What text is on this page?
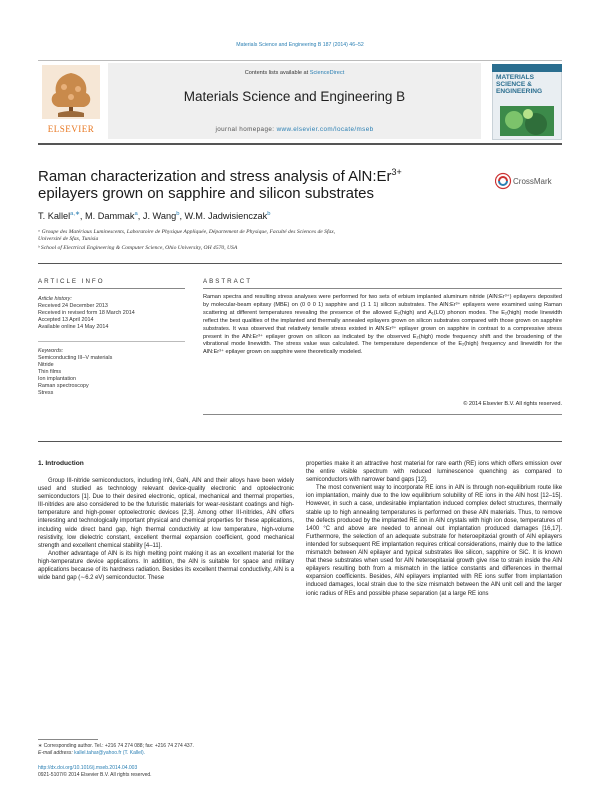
Materials Science and Engineering B 187 (2014) 46–52
ELSEVIER
Contents lists available at ScienceDirect
Materials Science and Engineering B
journal homepage: www.elsevier.com/locate/mseb
MATERIALS SCIENCE & ENGINEERING
Raman characterization and stress analysis of $AlN:Er^{3+}$ epilayers grown on sapphire and silicon substrates
CrossMark
T. Kallel$^{a,∗}$, M. Dammak$^a$, J. Wang$^b$, W.M. Jadwisienczak$^b$
ᵃ Groupe des Matériaux Luminescents, Laboratoire de Physique Appliquée, Département de Physique, Faculté des Sciences de Sfax,
Université de Sfax, Tunisia
ᵇ School of Electrical Engineering & Computer Science, Ohio University, OH 4570, USA
ARTICLE INFO	ABSTRACT
Article history:
Received 24 December 2013
Received in revised form 18 March 2014
Accepted 13 April 2014
Available online 14 May 2014
Keywords:
Semiconducting III–V materials
Nitride
Thin films
Ion implantation
Raman spectroscopy
Stress
Raman spectra and resulting stress analyses were performed for two sets of erbium implanted aluminum nitride (AlN:Er³⁺) epilayers deposited by molecular-beam epitaxy (MBE) on (0 0 0 1) sapphire and (1 1 1) silicon substrates. The AlN:Er³⁺ epilayers were examined using Raman scattering at different temperatures revealing the presence of the allowed E₂(high) and A₁(LO) phonon modes. The E₂(high) mode linewidth reflect the best qualities of the implanted and thermally annealed epilayers grown on silicon substrates compared with those grown on sapphire substrates. It was observed that relatively tensile stress existed in AlN:Er³⁺ epilayer grown on sapphire in contrast to a compressive stress present in the AlN:Er³⁺ epilayer grown on silicon as indicated by the observed E₂(high) mode frequency shift and the broadening of the vibrational mode linewidth. The stress value was calculated. The temperature dependence of the E₂(high) frequency and linewidth for the AlN:Er³⁺ epilayer grown on sapphire were theoretically modeled.
© 2014 Elsevier B.V. All rights reserved.
1. Introduction

Group III-nitride semiconductors, including InN, GaN, AlN and their alloys have been widely used and studied as technology relevant device-quality electronic and optoelectronic semiconductors [1]. Due to their desired electronic, optical, mechanical and thermal properties, III-nitrides are also considered to be the futuristic materials for wear-resistant coatings and high-temperature and high-power optoelectronic devices [2,3]. Among other III-nitrides, AlN offers interesting and technologically important physical and chemical properties for these applications, including wide direct band gap, high thermal conductivity at low temperature, high-volume resistivity, low dielectric constant, excellent thermal expansion coefficient, good mechanical strength and excellent chemical stability [4–11].

Another advantage of AlN is its high melting point making it as an excellent material for the high-temperature device applications. In addition, the AlN is suitable for space and military applications because of its hardness radiation. Besides its excellent thermal conductivity, AlN is a wide band gap (∼6.2 eV) semiconductor. These

properties make it an attractive host material for rare earth (RE) ions which offers emission over the entire visible spectrum with reduced luminescence quenching as compared to semiconductors with narrower band gaps [12].

The most convenient way to incorporate RE ions in AlN is through non-equilibrium route like ion implantation, mainly due to the low equilibrium solubility of RE ions in the AlN host [12–15]. However, in such a case, undesirable implantation induced complex defect structures, thermally stable up to high annealing temperatures is performed on these AlN materials. Thus, to remove the defects produced by the implanted RE ion in AlN crystals with high ion dose, temperatures of 1400 °C and above are needed to anneal out implantation produced damages [16,17]. Furthermore, the selection of an adequate substrate for heteroepitaxial growth of AlN epilayers intended for subsequent RE implantation requires critical considerations, mainly due to the lattice mismatch between AlN epilayer and typical substrates like silicon, sapphire or SiC. It is known that these substrates when used for AlN heteroepitaxial growth give rise to strain inside the AlN epilayers resulting both from a mismatch in the lattice constants and differences in thermal expansion coefficients. Besides, AlN epilayers implanted with RE ions suffer from implantation induced damages, local strain due to the size mismatch between the AlN unit cell and the larger ionic radius of REs and possible phase separation (at a large RE ions

∗ Corresponding author. Tel.: +216 74 274 088; fax: +216 74 274 437.
E-mail address: kallel.tahar@yahoo.fr (T. Kallel).
http://dx.doi.org/10.1016/j.mseb.2014.04.003
0921-5107/© 2014 Elsevier B.V. All rights reserved.
